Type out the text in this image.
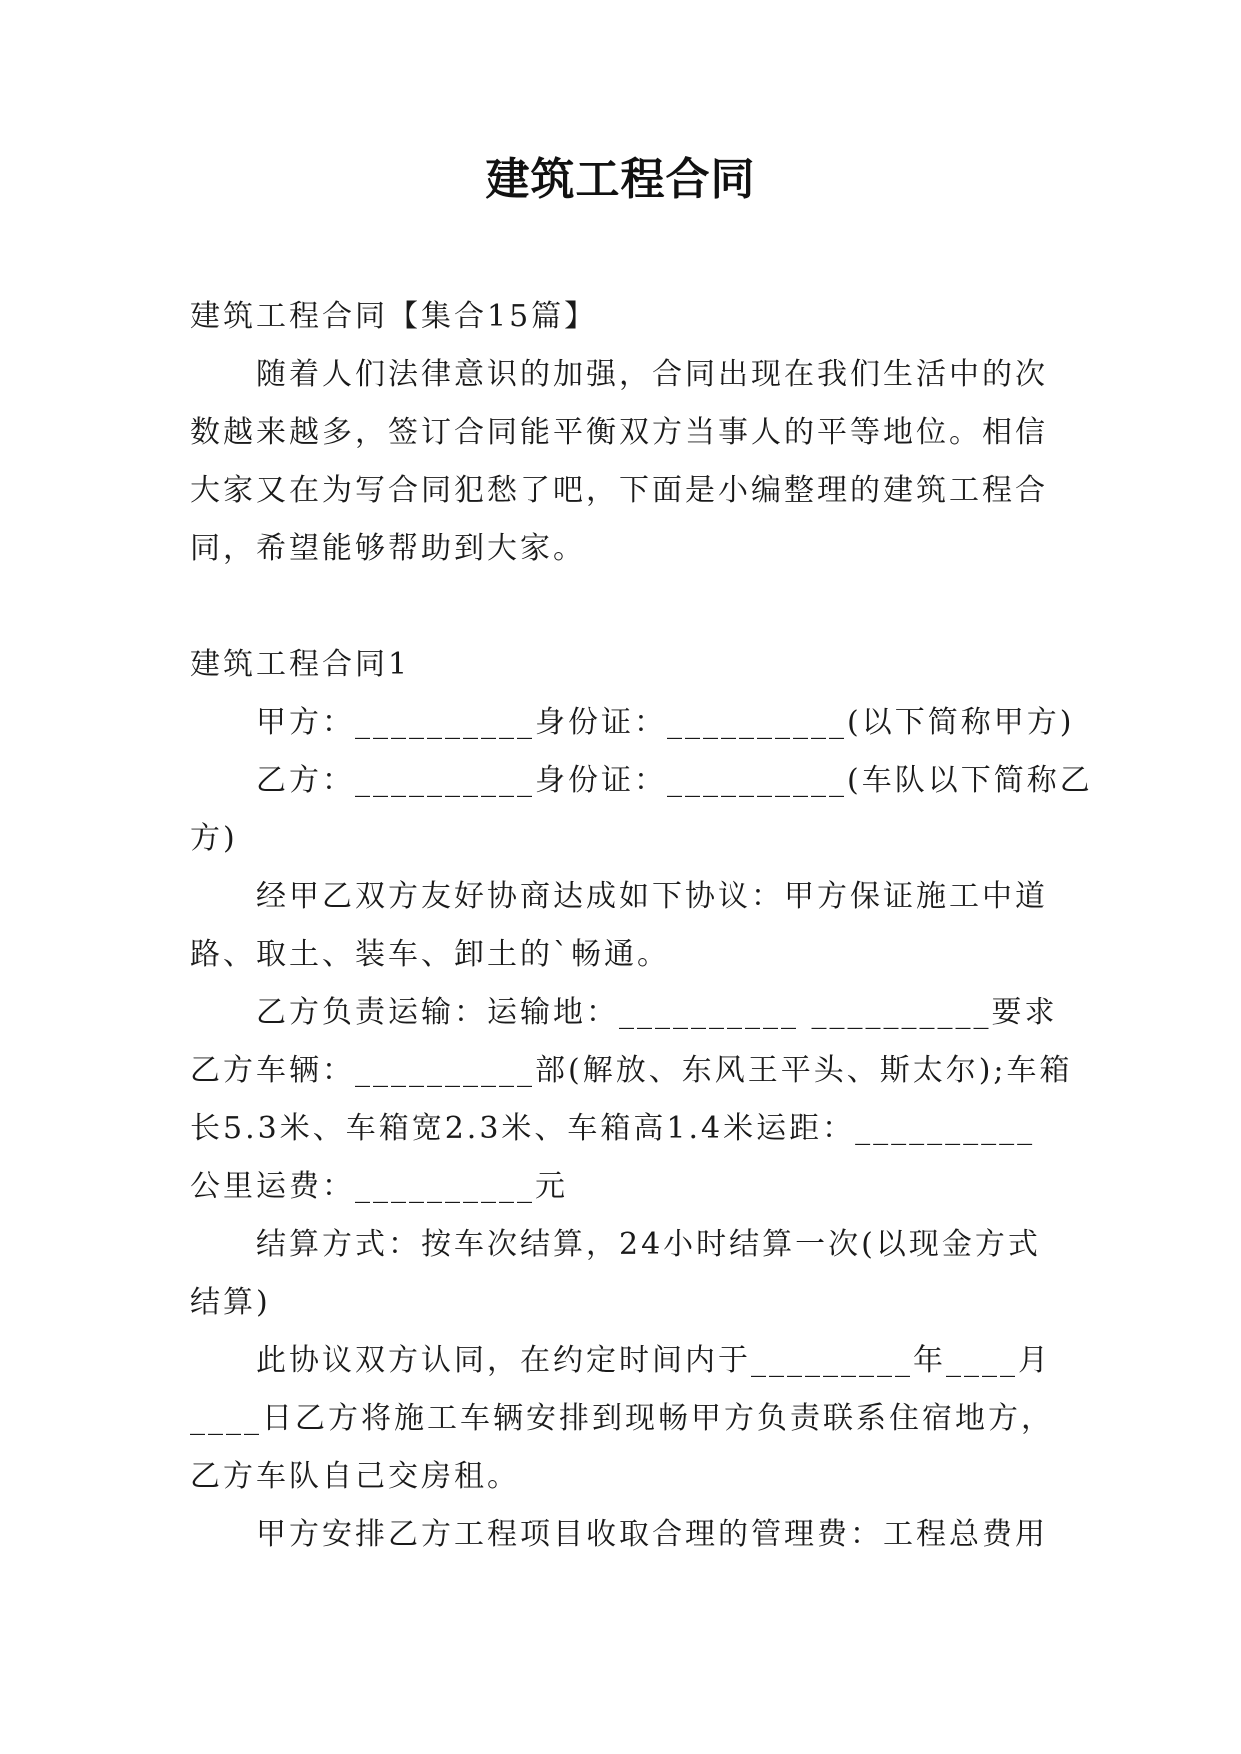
建筑工程合同

建筑工程合同【集合15篇】

随着人们法律意识的加强，合同出现在我们生活中的次

数越来越多，签订合同能平衡双方当事人的平等地位。相信

大家又在为写合同犯愁了吧，下面是小编整理的建筑工程合

同，希望能够帮助到大家。

建筑工程合同1

甲方：__________身份证：__________(以下简称甲方)

乙方：__________身份证：__________(车队以下简称乙

方)

经甲乙双方友好协商达成如下协议：甲方保证施工中道

路、取土、装车、卸土的`畅通。

乙方负责运输：运输地：__________ __________要求

乙方车辆：__________部(解放、东风王平头、斯太尔);车箱

长5.3米、车箱宽2.3米、车箱高1.4米运距：__________

公里运费：__________元

结算方式：按车次结算，24小时结算一次(以现金方式

结算)

此协议双方认同，在约定时间内于_________年____月

____日乙方将施工车辆安排到现畅甲方负责联系住宿地方，

乙方车队自己交房租。

甲方安排乙方工程项目收取合理的管理费：工程总费用
